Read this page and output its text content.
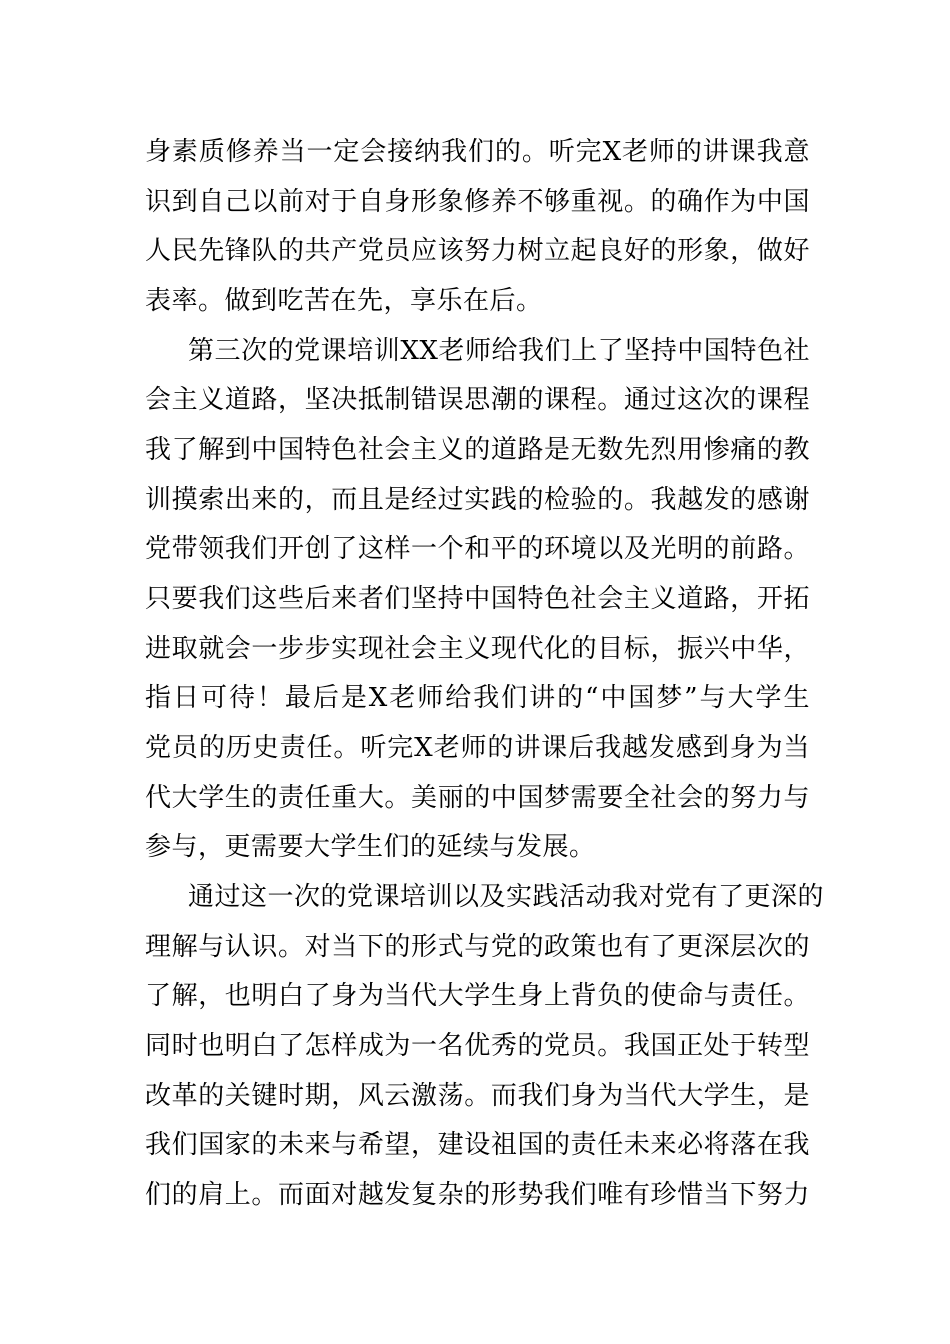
身素质修养当一定会接纳我们的。听完X老师的讲课我意
识到自己以前对于自身形象修养不够重视。的确作为中国
人民先锋队的共产党员应该努力树立起良好的形象，做好
表率。做到吃苦在先，享乐在后。
第三次的党课培训XX老师给我们上了坚持中国特色社
会主义道路，坚决抵制错误思潮的课程。通过这次的课程
我了解到中国特色社会主义的道路是无数先烈用惨痛的教
训摸索出来的，而且是经过实践的检验的。我越发的感谢
党带领我们开创了这样一个和平的环境以及光明的前路。
只要我们这些后来者们坚持中国特色社会主义道路，开拓
进取就会一步步实现社会主义现代化的目标，振兴中华，
指日可待！最后是X老师给我们讲的“中国梦”与大学生
党员的历史责任。听完X老师的讲课后我越发感到身为当
代大学生的责任重大。美丽的中国梦需要全社会的努力与
参与，更需要大学生们的延续与发展。
通过这一次的党课培训以及实践活动我对党有了更深的
理解与认识。对当下的形式与党的政策也有了更深层次的
了解，也明白了身为当代大学生身上背负的使命与责任。
同时也明白了怎样成为一名优秀的党员。我国正处于转型
改革的关键时期，风云激荡。而我们身为当代大学生，是
我们国家的未来与希望，建设祖国的责任未来必将落在我
们的肩上。而面对越发复杂的形势我们唯有珍惜当下努力
